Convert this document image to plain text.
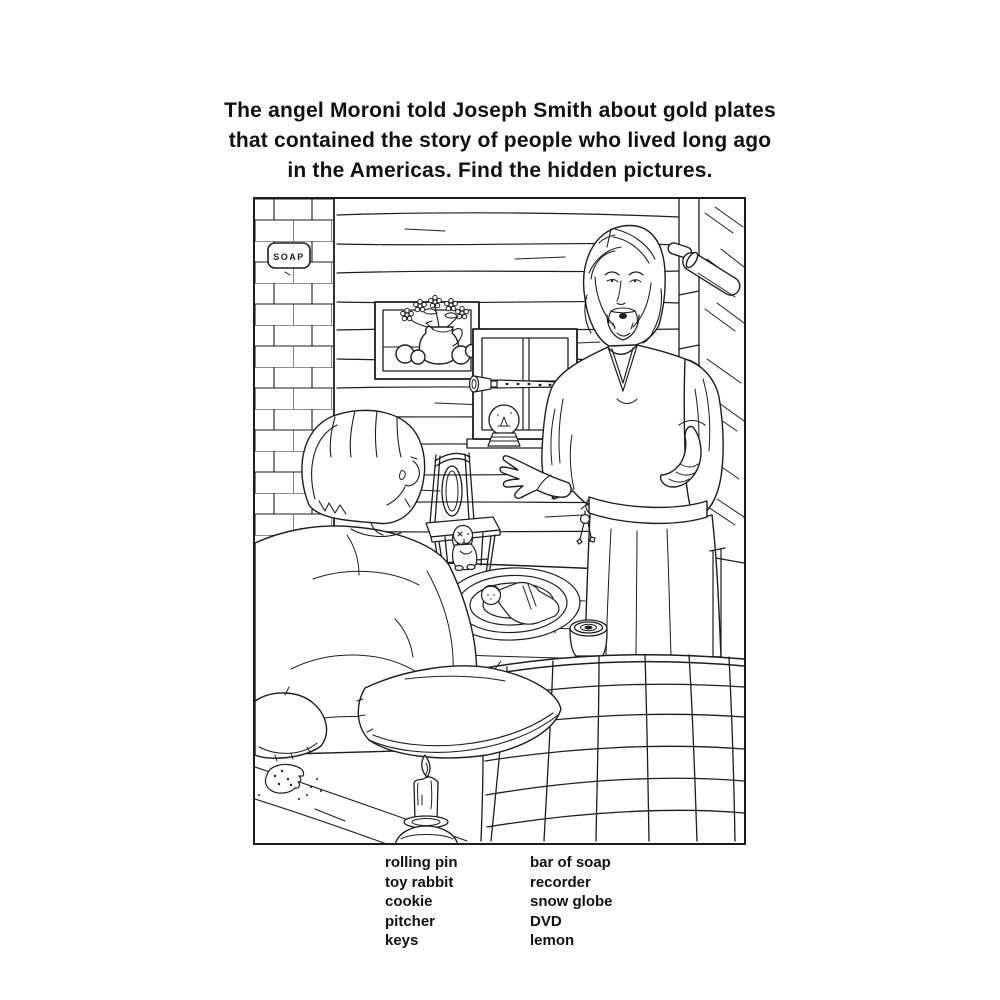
The angel Moroni told Joseph Smith about gold plates
that contained the story of people who lived long ago
in the Americas. Find the hidden pictures.
SOAP
rolling pin
toy rabbit
cookie
pitcher
keys
bar of soap
recorder
snow globe
DVD
lemon
